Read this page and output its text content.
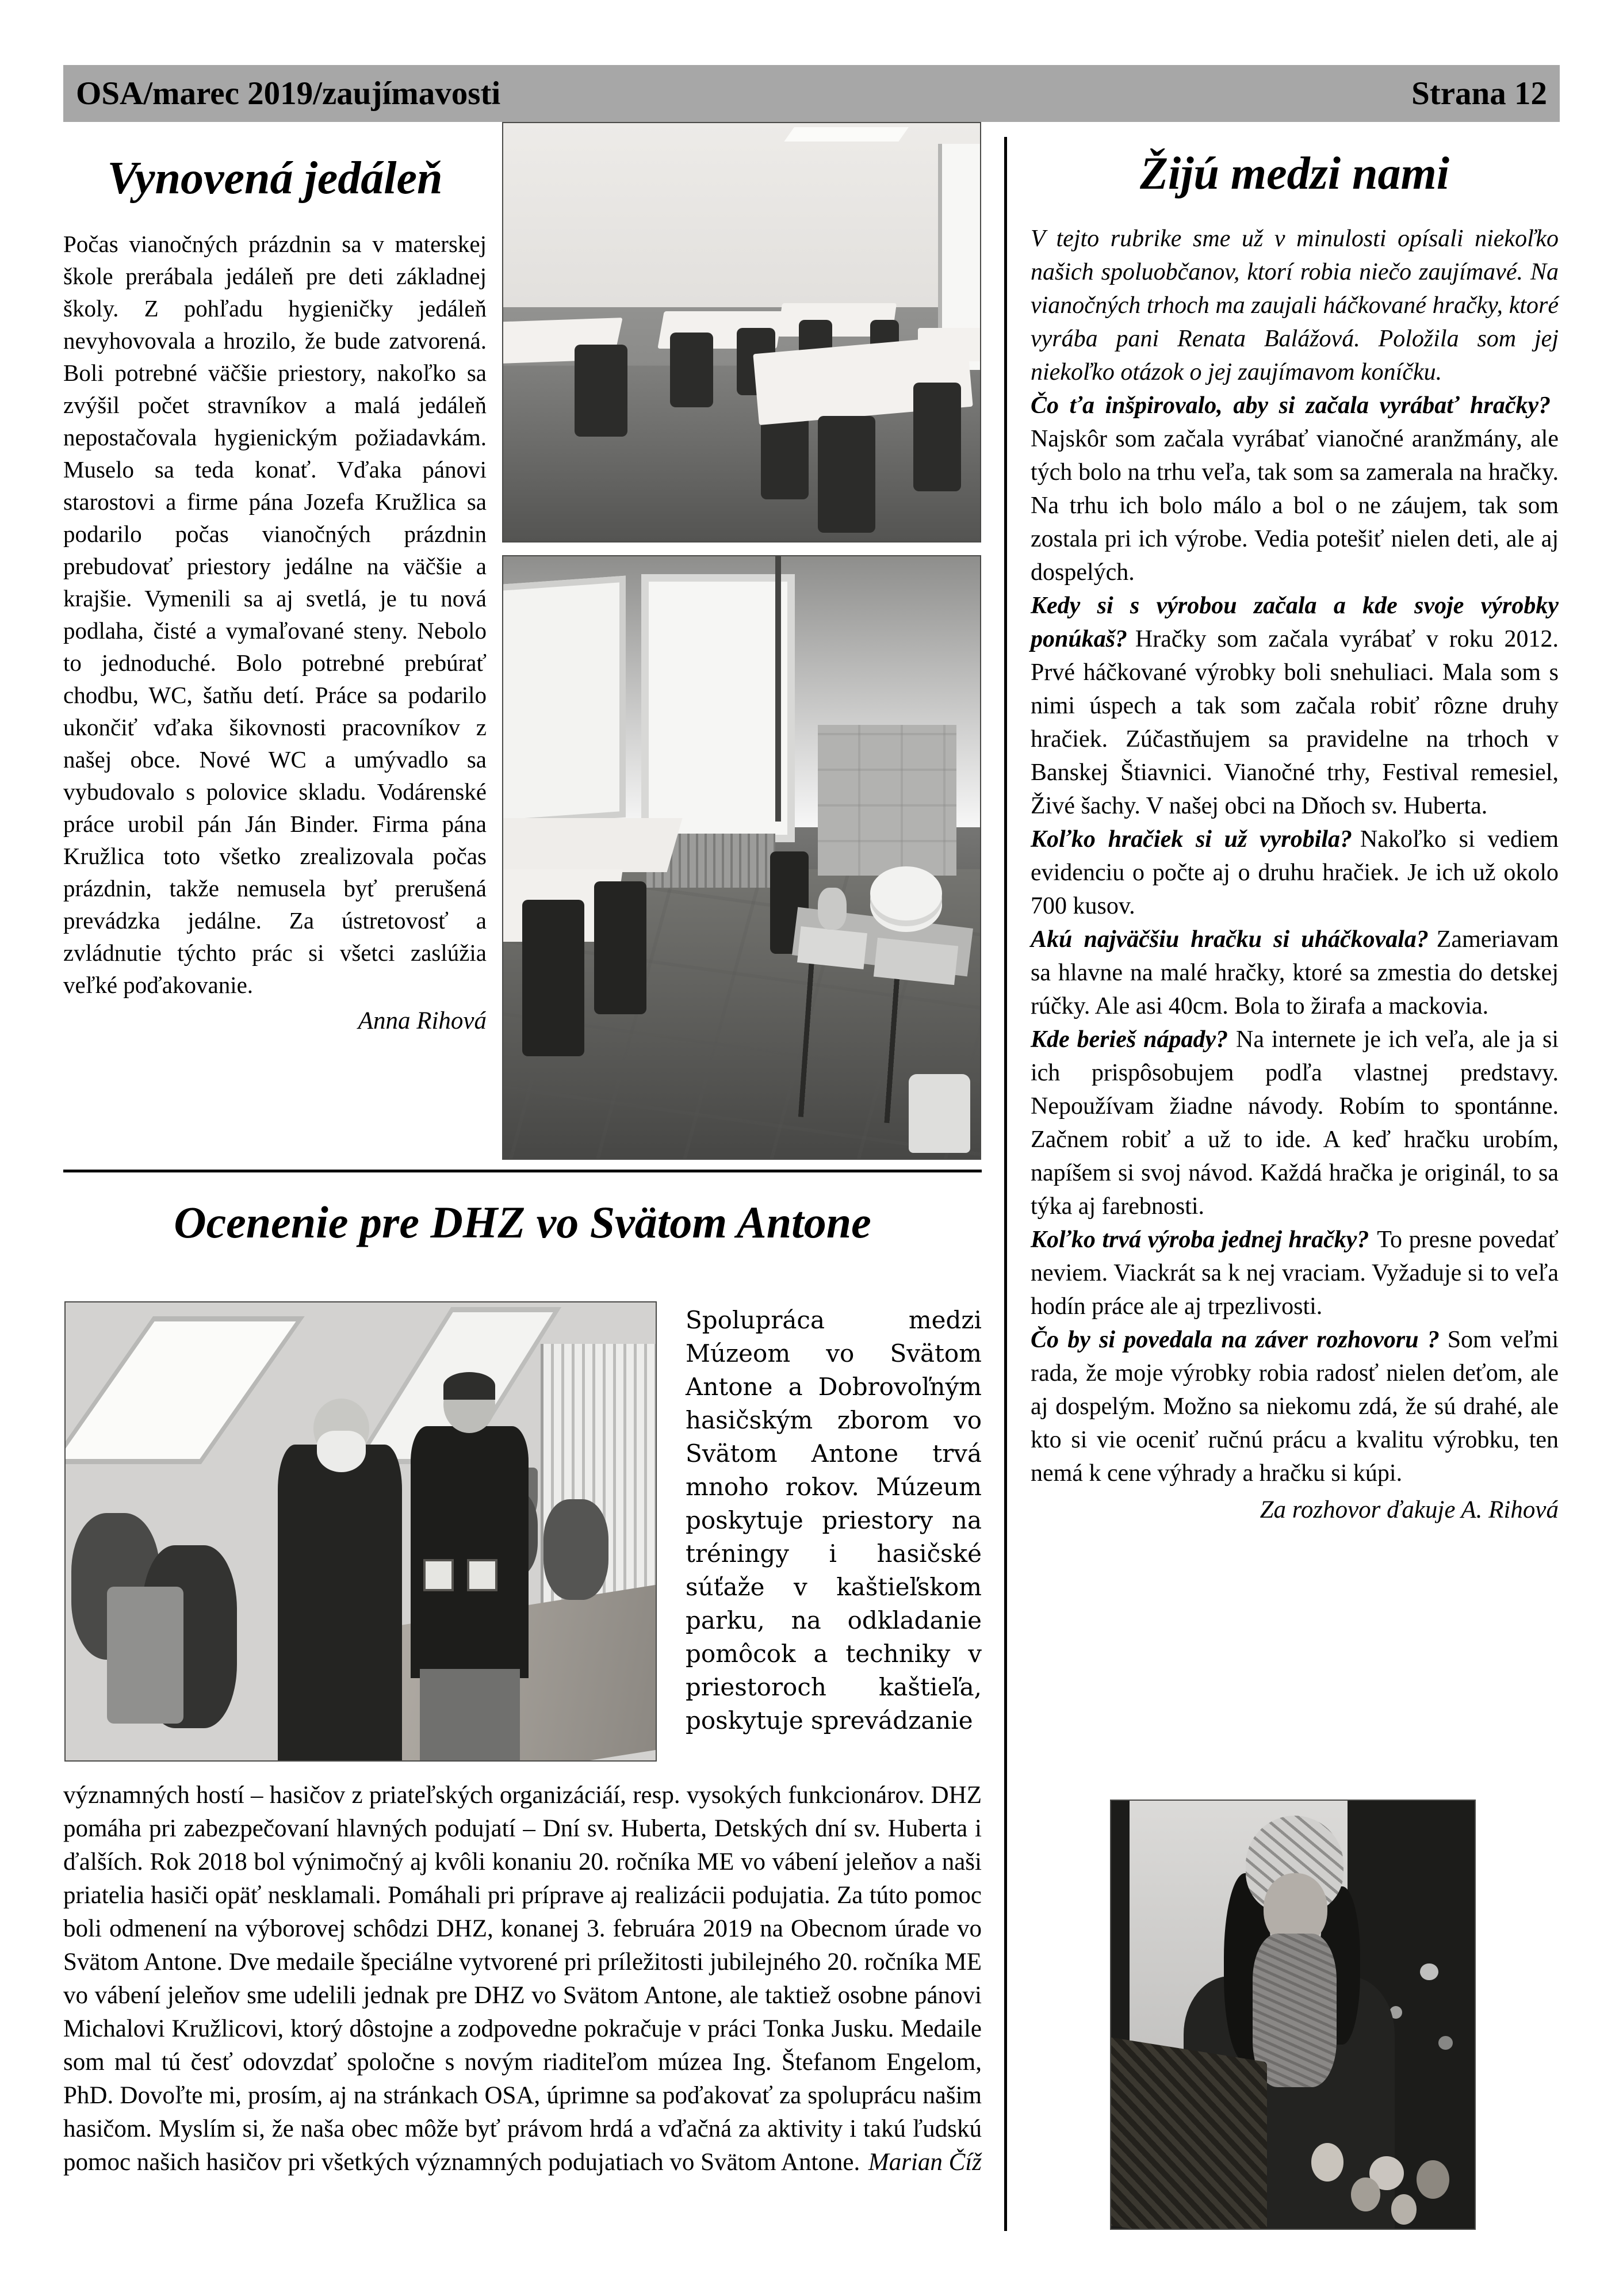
OSA/marec 2019/zaujímavosti	Strana 12
Vynovená jedáleň

Počas vianočných prázdnin sa v materskej škole prerábala jedáleň pre deti základnej školy. Z pohľadu hygieničky jedáleň nevyhovovala a hrozilo, že bude zatvorená. Boli potrebné väčšie priestory, nakoľko sa zvýšil počet stravníkov a malá jedáleň nepostačovala hygienickým požiadavkám. Muselo sa teda konať. Vďaka pánovi starostovi a firme pána Jozefa Kružlica sa podarilo počas vianočných prázdnin prebudovať priestory jedálne na väčšie a krajšie. Vymenili sa aj svetlá, je tu nová podlaha, čisté a vymaľované steny. Nebolo to jednoduché. Bolo potrebné prebúrať chodbu, WC, šatňu detí. Práce sa podarilo ukončiť vďaka šikovnosti pracovníkov z našej obce. Nové WC a umývadlo sa vybudovalo s polovice skladu. Vodárenské práce urobil pán Ján Binder. Firma pána Kružlica toto všetko zrealizovala počas prázdnin, takže nemusela byť prerušená prevádzka jedálne. Za ústretovosť a zvládnutie týchto prác si všetci zaslúžia veľké poďakovanie.

Anna Rihová
Ocenenie pre DHZ vo Svätom Antone

Spolupráca medzi Múzeom vo Svätom Antone a Dobrovoľným hasičským zborom vo Svätom Antone trvá mnoho rokov. Múzeum poskytuje priestory na tréningy i hasičské súťaže v kaštieľskom parku, na odkladanie pomôcok a techniky v priestoroch kaštieľa, poskytuje sprevádzanie

významných hostí – hasičov z priateľských organizáciáí, resp. vysokých funkcionárov. DHZ pomáha pri zabezpečovaní hlavných podujatí – Dní sv. Huberta, Detských dní sv. Huberta i ďalších. Rok 2018 bol výnimočný aj kvôli konaniu 20. ročníka ME vo vábení jeleňov a naši priatelia hasiči opäť nesklamali. Pomáhali pri príprave aj realizácii podujatia. Za túto pomoc boli odmenení na výborovej schôdzi DHZ, konanej 3. februára 2019 na Obecnom úrade vo Svätom Antone. Dve medaile špeciálne vytvorené pri príležitosti jubilejného 20. ročníka ME vo vábení jeleňov sme udelili jednak pre DHZ vo Svätom Antone, ale taktiež osobne pánovi Michalovi Kružlicovi, ktorý dôstojne a zodpovedne pokračuje v práci Tonka Jusku. Medaile som mal tú česť odovzdať spoločne s novým riaditeľom múzea Ing. Štefanom Engelom, PhD. Dovoľte mi, prosím, aj na stránkach OSA, úprimne sa poďakovať za spoluprácu našim hasičom. Myslím si, že naša obec môže byť právom hrdá a vďačná za aktivity i takú ľudskú pomoc našich hasičov pri všetkých významných podujatiach vo Svätom Antone. Marian Číž

Žijú medzi nami

V tejto rubrike sme už v minulosti opísali niekoľko našich spoluobčanov, ktorí robia niečo zaujímavé. Na vianočných trhoch ma zaujali háčkované hračky, ktoré vyrába pani Renata Balážová. Položila som jej niekoľko otázok o jej zaujímavom koníčku.

Čo ťa inšpirovalo, aby si začala vyrábať hračky?Najskôr som začala vyrábať vianočné aranžmány, ale tých bolo na trhu veľa, tak som sa zamerala na hračky. Na trhu ich bolo málo a bol o ne záujem, tak som zostala pri ich výrobe. Vedia potešiť nielen deti, ale aj dospelých.

Kedy si s výrobou začala a kde svoje výrobky ponúkaš? Hračky som začala vyrábať v roku 2012. Prvé háčkované výrobky boli snehuliaci. Mala som s nimi úspech a tak som začala robiť rôzne druhy hračiek. Zúčastňujem sa pravidelne na trhoch v Banskej Štiavnici. Vianočné trhy, Festival remesiel, Živé šachy. V našej obci na Dňoch sv. Huberta.

Koľko hračiek si už vyrobila? Nakoľko si vediem evidenciu o počte aj o druhu hračiek. Je ich už okolo 700 kusov.

Akú najväčšiu hračku si uháčkovala? Zameriavam sa hlavne na malé hračky, ktoré sa zmestia do detskej rúčky. Ale asi 40cm. Bola to žirafa a mackovia.

Kde berieš nápady? Na internete je ich veľa, ale ja si ich prispôsobujem podľa vlastnej predstavy. Nepoužívam žiadne návody. Robím to spontánne. Začnem robiť a už to ide. A keď hračku urobím, napíšem si svoj návod. Každá hračka je originál, to sa týka aj farebnosti.

Koľko trvá výroba jednej hračky? To presne povedať neviem. Viackrát sa k nej vraciam. Vyžaduje si to veľa hodín práce ale aj trpezlivosti.

Čo by si povedala na záver rozhovoru ? Som veľmi rada, že moje výrobky robia radosť nielen deťom, ale aj dospelým. Možno sa niekomu zdá, že sú drahé, ale kto si vie oceniť ručnú prácu a kvalitu výrobku, ten nemá k cene výhrady a hračku si kúpi.

Za rozhovor ďakuje A. Rihová
